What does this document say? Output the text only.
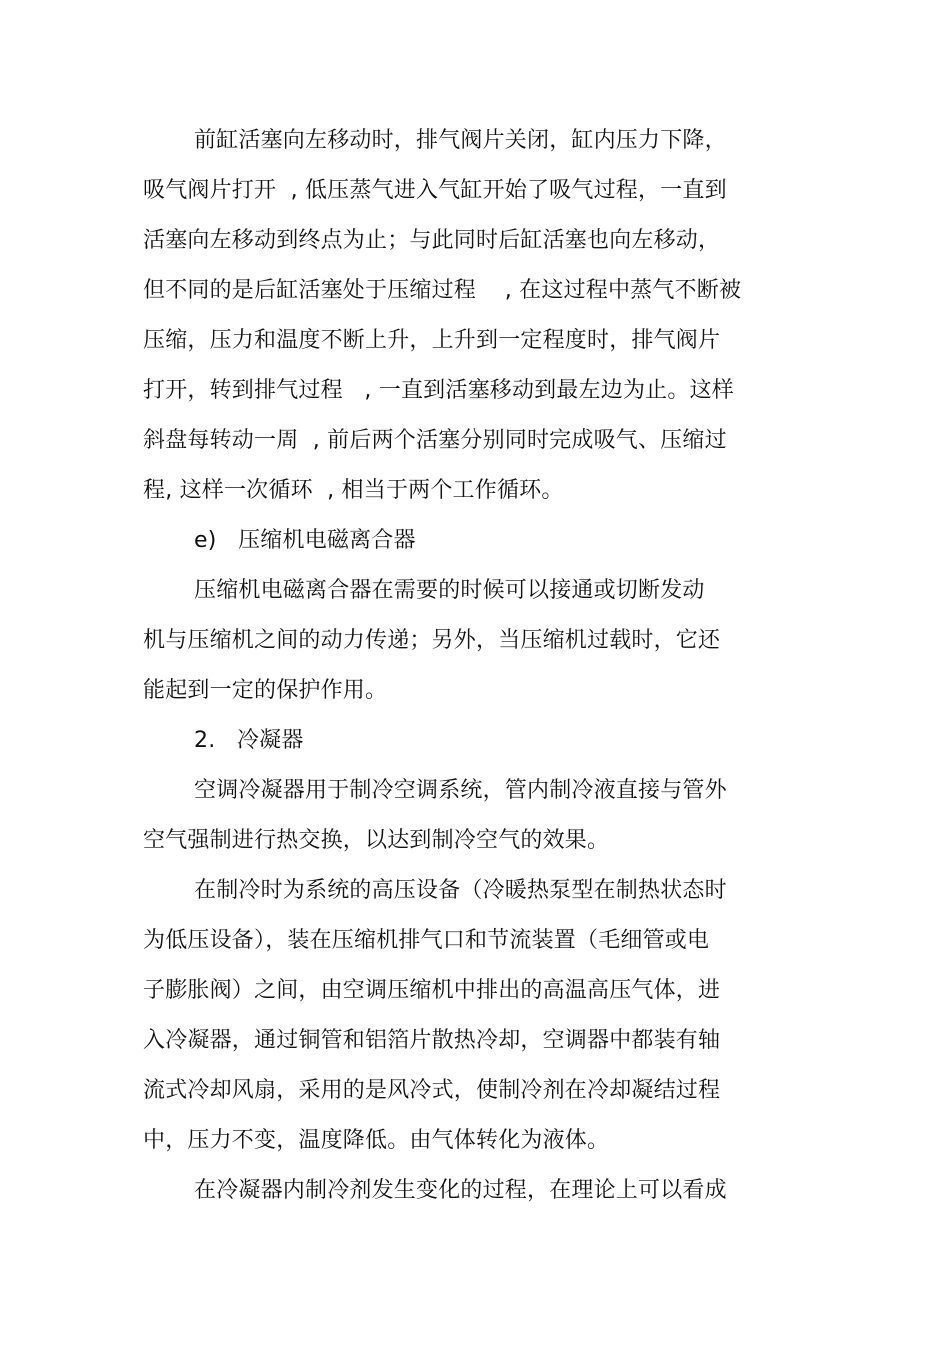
前缸活塞向左移动时，排气阀片关闭，缸内压力下降，
吸气阀片打开  , 低压蒸气进入气缸开始了吸气过程，一直到
活塞向左移动到终点为止；与此同时后缸活塞也向左移动，
但不同的是后缸活塞处于压缩过程    , 在这过程中蒸气不断被
压缩，压力和温度不断上升，上升到一定程度时，排气阀片
打开，转到排气过程   , 一直到活塞移动到最左边为止。这样
斜盘每转动一周  , 前后两个活塞分别同时完成吸气、压缩过
程, 这样一次循环  , 相当于两个工作循环。
e)   压缩机电磁离合器
压缩机电磁离合器在需要的时候可以接通或切断发动
机与压缩机之间的动力传递；另外，当压缩机过载时，它还
能起到一定的保护作用。
2.   冷凝器
空调冷凝器用于制冷空调系统，管内制冷液直接与管外
空气强制进行热交换，以达到制冷空气的效果。
在制冷时为系统的高压设备（冷暖热泵型在制热状态时
为低压设备），装在压缩机排气口和节流装置（毛细管或电
子膨胀阀）之间，由空调压缩机中排出的高温高压气体，进
入冷凝器，通过铜管和铝箔片散热冷却，空调器中都装有轴
流式冷却风扇，采用的是风冷式，使制冷剂在冷却凝结过程
中，压力不变，温度降低。由气体转化为液体。
在冷凝器内制冷剂发生变化的过程，在理论上可以看成
